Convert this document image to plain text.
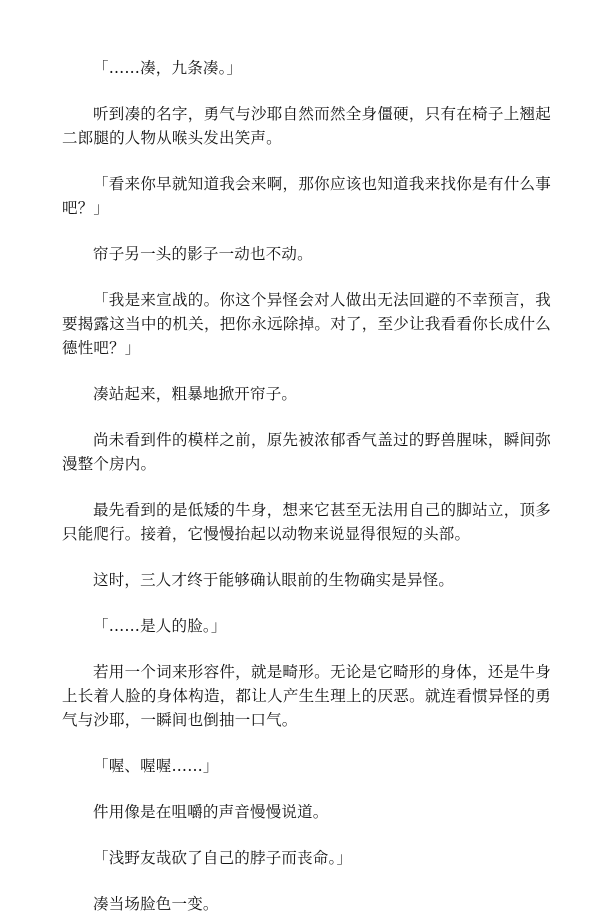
「……凑，九条凑。」

听到凑的名字，勇气与沙耶自然而然全身僵硬，只有在椅子上翘起二郎腿的人物从喉头发出笑声。

「看来你早就知道我会来啊，那你应该也知道我来找你是有什么事吧？」

帘子另一头的影子一动也不动。

「我是来宣战的。你这个异怪会对人做出无法回避的不幸预言，我要揭露这当中的机关，把你永远除掉。对了，至少让我看看你长成什么德性吧？」

凑站起来，粗暴地掀开帘子。

尚未看到件的模样之前，原先被浓郁香气盖过的野兽腥味，瞬间弥漫整个房内。

最先看到的是低矮的牛身，想来它甚至无法用自己的脚站立，顶多只能爬行。接着，它慢慢抬起以动物来说显得很短的头部。

这时，三人才终于能够确认眼前的生物确实是异怪。

「……是人的脸。」

若用一个词来形容件，就是畸形。无论是它畸形的身体，还是牛身上长着人脸的身体构造，都让人产生生理上的厌恶。就连看惯异怪的勇气与沙耶，一瞬间也倒抽一口气。

「喔、喔喔……」

件用像是在咀嚼的声音慢慢说道。

「浅野友哉砍了自己的脖子而丧命。」

凑当场脸色一变。
